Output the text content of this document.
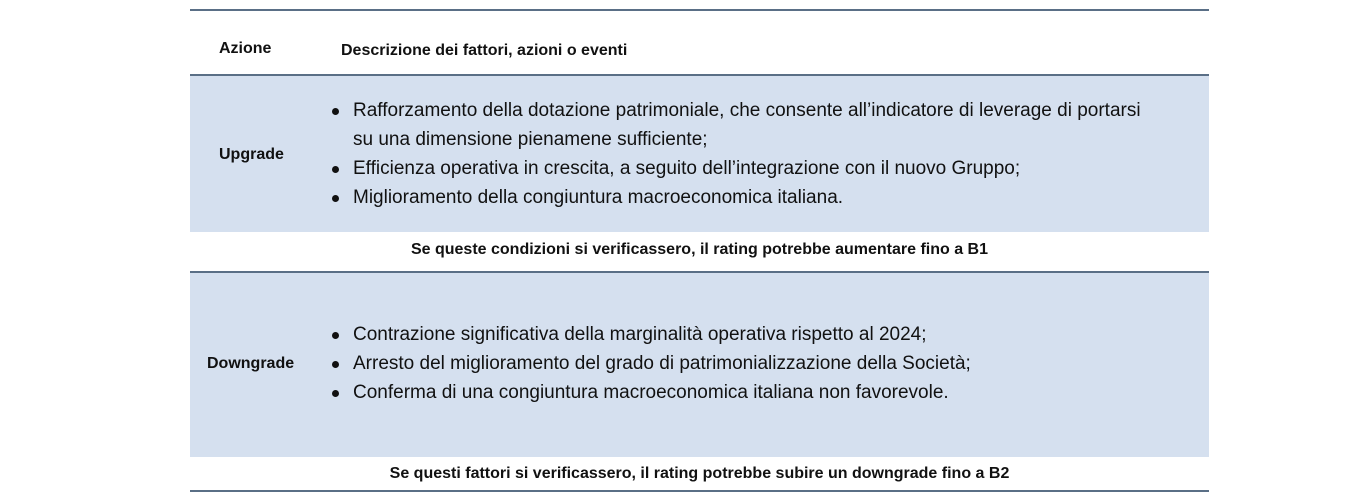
Azione	Descrizione dei fattori, azioni o eventi
Upgrade
Rafforzamento della dotazione patrimoniale, che consente all’indicatore di leverage di portarsi su una dimensione pienamene sufficiente;
Efficienza operativa in crescita, a seguito dell’integrazione con il nuovo Gruppo;
Miglioramento della congiuntura macroeconomica italiana.
Se queste condizioni si verificassero, il rating potrebbe aumentare fino a B1
Downgrade
Contrazione significativa della marginalità operativa rispetto al 2024;
Arresto del miglioramento del grado di patrimonializzazione della Società;
Conferma di una congiuntura macroeconomica italiana non favorevole.
Se questi fattori si verificassero, il rating potrebbe subire un downgrade fino a B2
